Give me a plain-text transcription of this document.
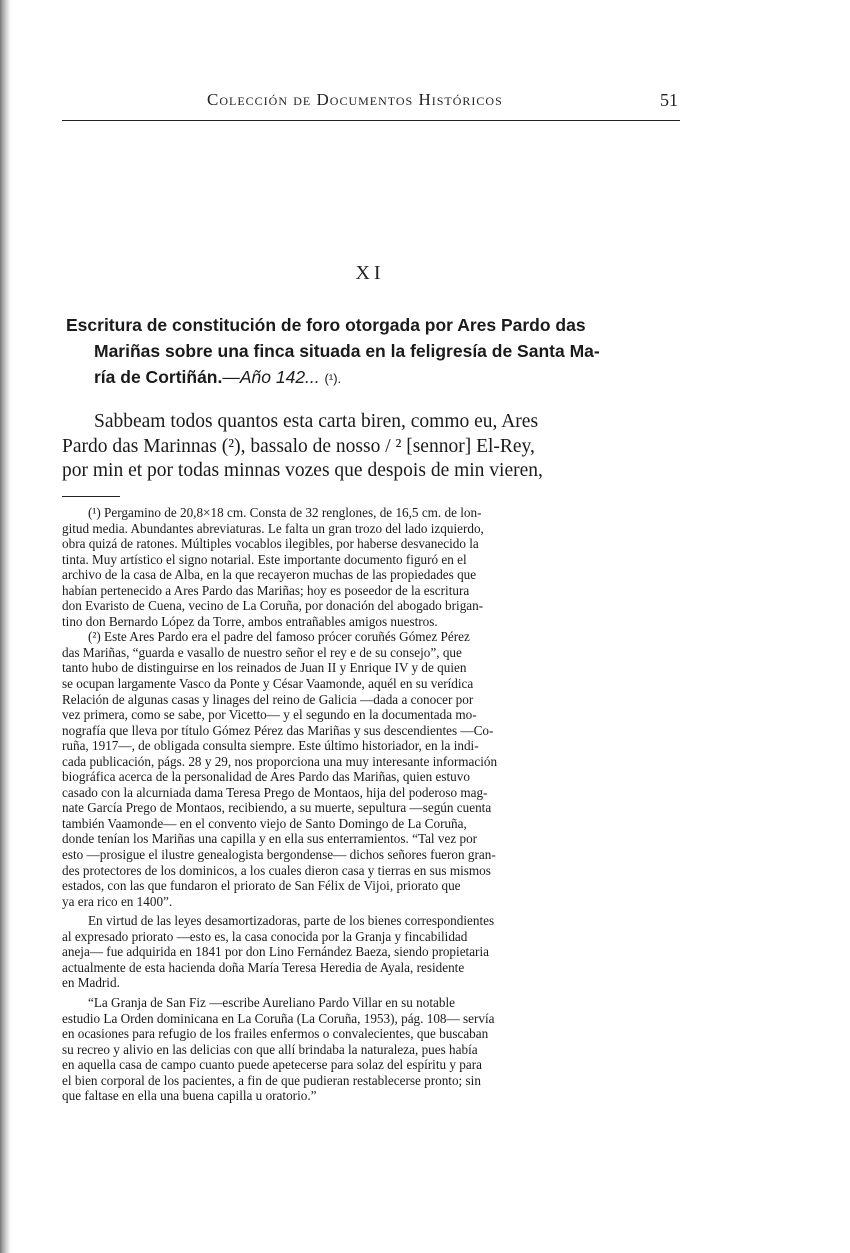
Colección de Documentos Históricos	51
XI
Escritura de constitución de foro otorgada por Ares Pardo das
Mariñas sobre una finca situada en la feligresía de Santa Ma-
ría de Cortiñán.—Año 142... (¹).
Sabbeam todos quantos esta carta biren, commo eu, Ares
Pardo das Marinnas (²), bassalo de nosso / ² [sennor] El-Rey,
por min et por todas minnas vozes que despois de min vieren,
(¹) Pergamino de 20,8×18 cm. Consta de 32 renglones, de 16,5 cm. de lon-
gitud media. Abundantes abreviaturas. Le falta un gran trozo del lado izquierdo,
obra quizá de ratones. Múltiples vocablos ilegibles, por haberse desvanecido la
tinta. Muy artístico el signo notarial. Este importante documento figuró en el
archivo de la casa de Alba, en la que recayeron muchas de las propiedades que
habían pertenecido a Ares Pardo das Mariñas; hoy es poseedor de la escritura
don Evaristo de Cuena, vecino de La Coruña, por donación del abogado brigan-
tino don Bernardo López da Torre, ambos entrañables amigos nuestros.
(²) Este Ares Pardo era el padre del famoso prócer coruñés Gómez Pérez
das Mariñas, “guarda e vasallo de nuestro señor el rey e de su consejo”, que
tanto hubo de distinguirse en los reinados de Juan II y Enrique IV y de quien
se ocupan largamente Vasco da Ponte y César Vaamonde, aquél en su verídica
Relación de algunas casas y linages del reino de Galicia —dada a conocer por
vez primera, como se sabe, por Vicetto— y el segundo en la documentada mo-
nografía que lleva por título Gómez Pérez das Mariñas y sus descendientes —Co-
ruña, 1917—, de obligada consulta siempre. Este último historiador, en la indi-
cada publicación, págs. 28 y 29, nos proporciona una muy interesante información
biográfica acerca de la personalidad de Ares Pardo das Mariñas, quien estuvo
casado con la alcurniada dama Teresa Prego de Montaos, hija del poderoso mag-
nate García Prego de Montaos, recibiendo, a su muerte, sepultura —según cuenta
también Vaamonde— en el convento viejo de Santo Domingo de La Coruña,
donde tenían los Mariñas una capilla y en ella sus enterramientos. “Tal vez por
esto —prosigue el ilustre genealogista bergondense— dichos señores fueron gran-
des protectores de los dominicos, a los cuales dieron casa y tierras en sus mismos
estados, con las que fundaron el priorato de San Félix de Vijoi, priorato que
ya era rico en 1400”.
En virtud de las leyes desamortizadoras, parte de los bienes correspondientes
al expresado priorato —esto es, la casa conocida por la Granja y fincabilidad
aneja— fue adquirida en 1841 por don Lino Fernández Baeza, siendo propietaria
actualmente de esta hacienda doña María Teresa Heredia de Ayala, residente
en Madrid.
“La Granja de San Fiz —escribe Aureliano Pardo Villar en su notable
estudio La Orden dominicana en La Coruña (La Coruña, 1953), pág. 108— servía
en ocasiones para refugio de los frailes enfermos o convalecientes, que buscaban
su recreo y alivio en las delicias con que allí brindaba la naturaleza, pues había
en aquella casa de campo cuanto puede apetecerse para solaz del espíritu y para
el bien corporal de los pacientes, a fin de que pudieran restablecerse pronto; sin
que faltase en ella una buena capilla u oratorio.”
